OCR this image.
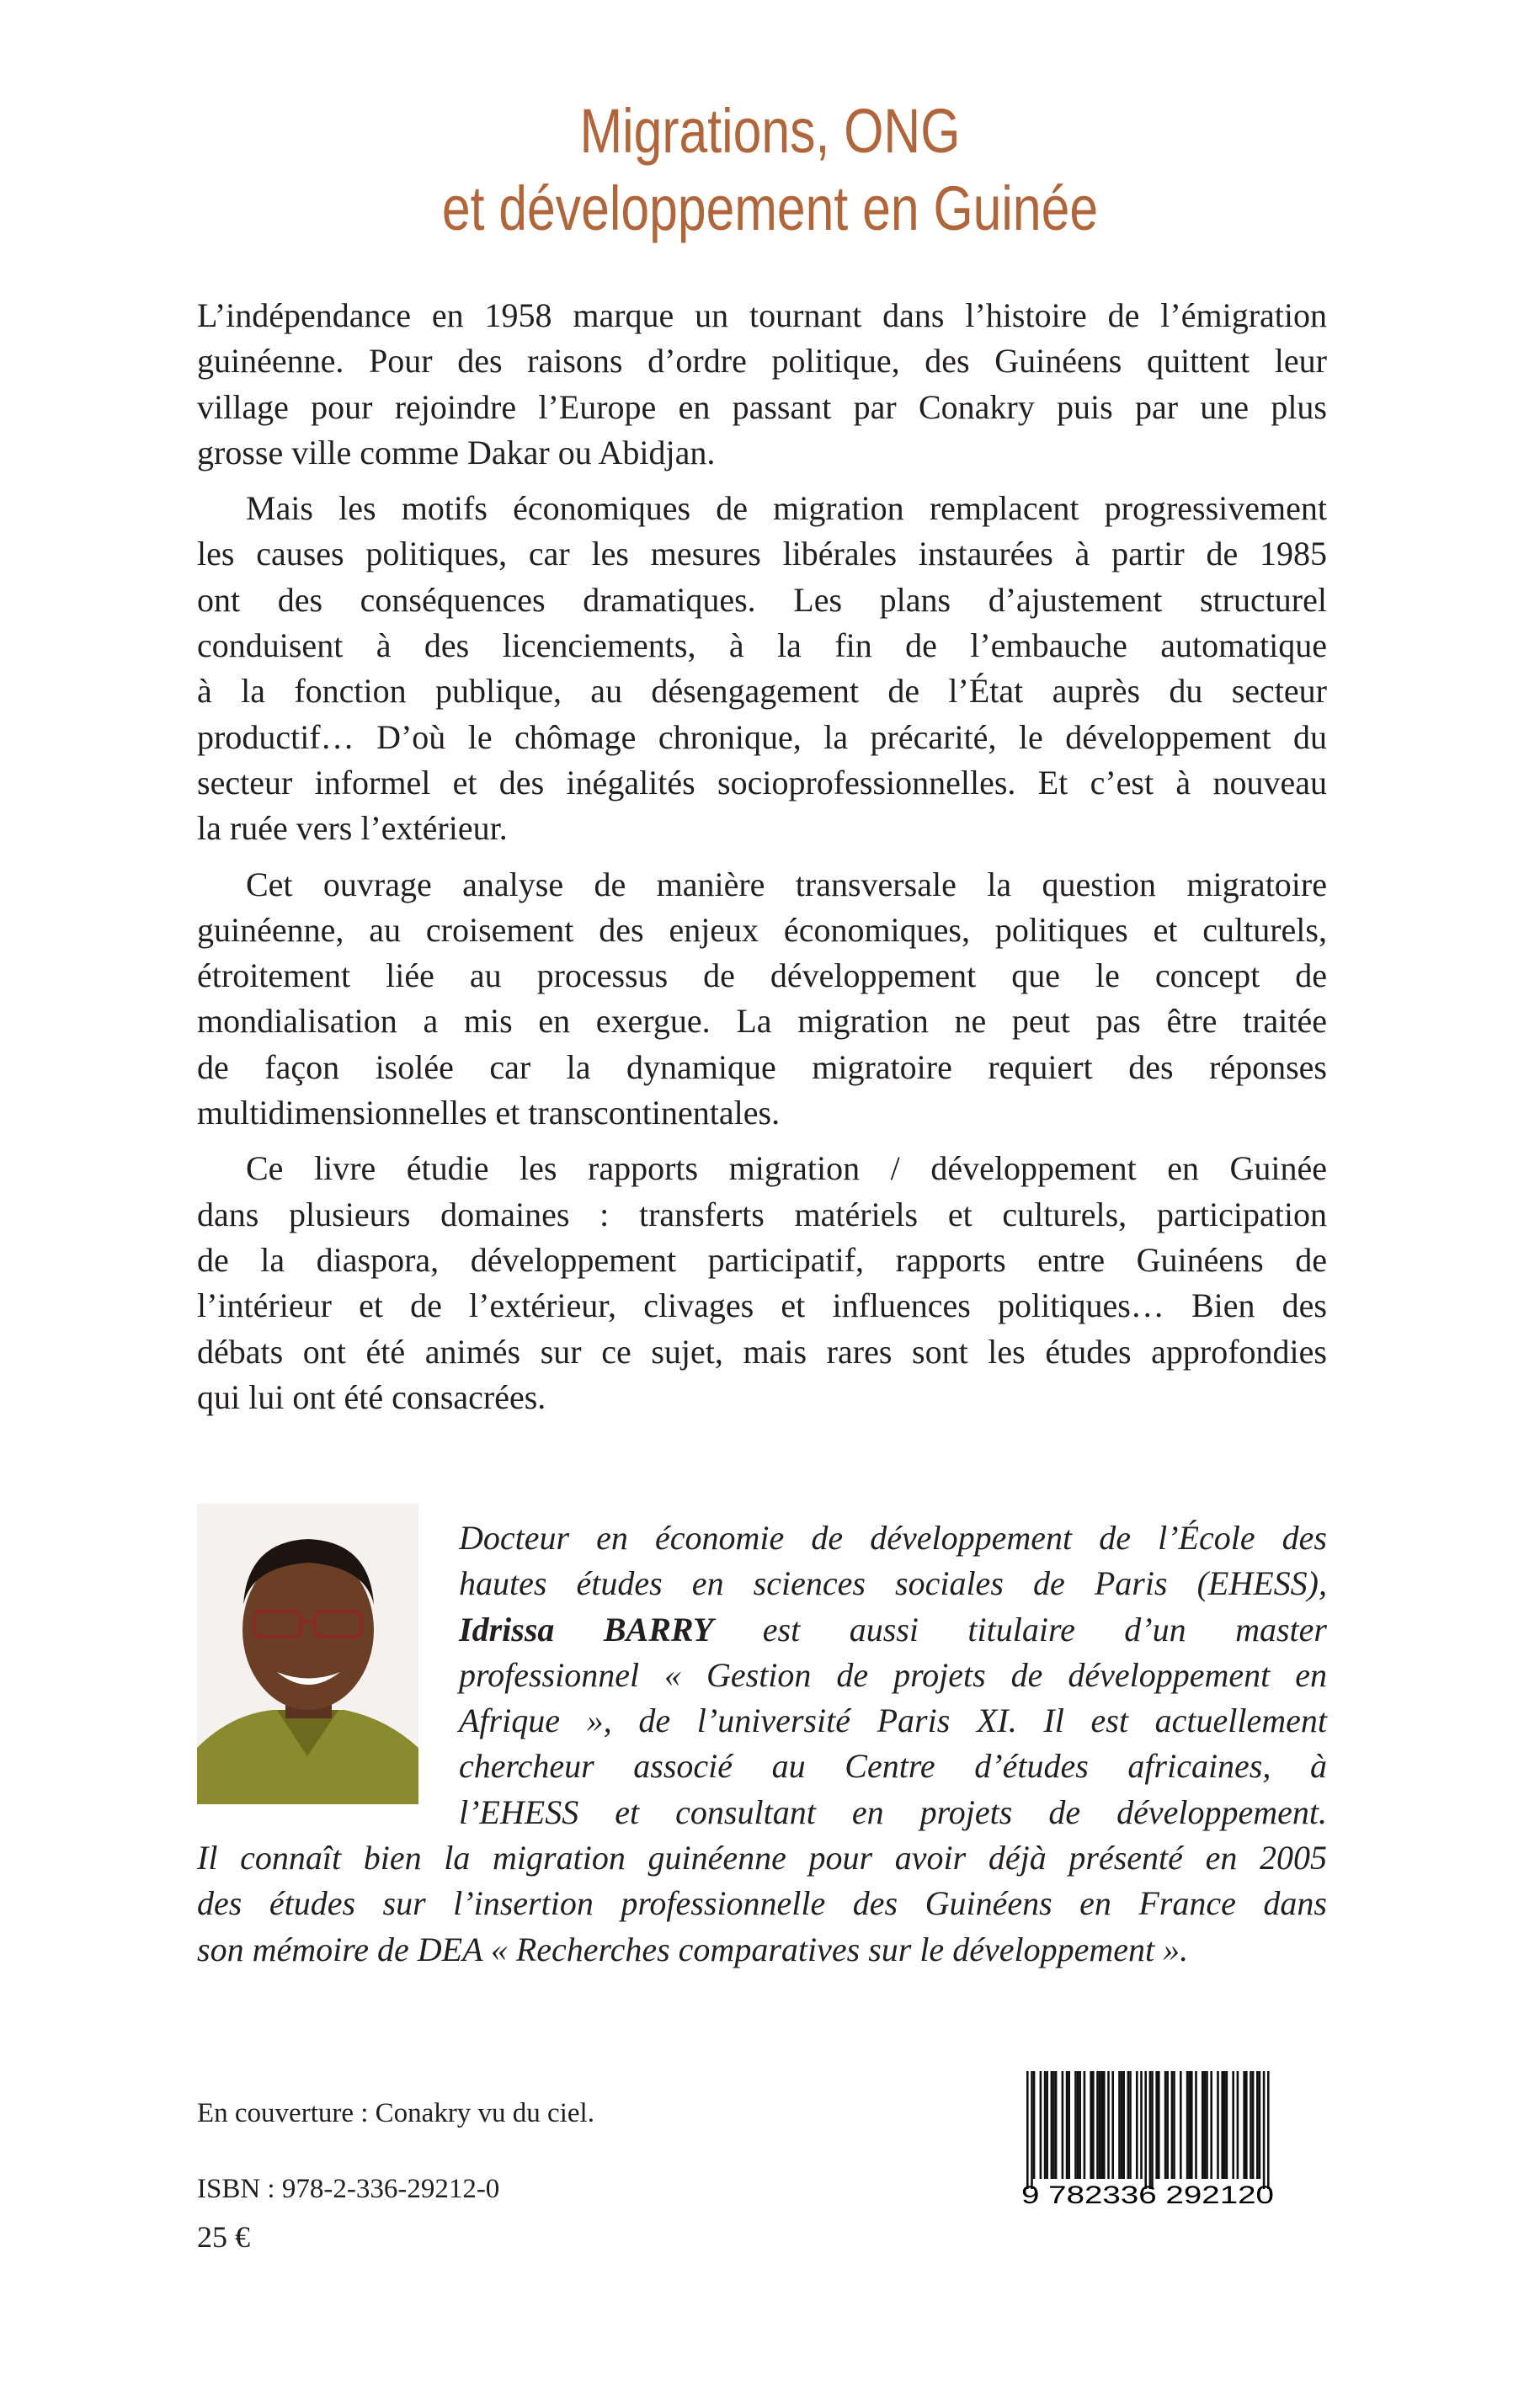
Migrations, ONG
et développement en Guinée
L’indépendance en 1958 marque un tournant dans l’histoire de l’émigration
guinéenne. Pour des raisons d’ordre politique, des Guinéens quittent leur
village pour rejoindre l’Europe en passant par Conakry puis par une plus
grosse ville comme Dakar ou Abidjan.
Mais les motifs économiques de migration remplacent progressivement
les causes politiques, car les mesures libérales instaurées à partir de 1985
ont des conséquences dramatiques. Les plans d’ajustement structurel
conduisent à des licenciements, à la fin de l’embauche automatique
à la fonction publique, au désengagement de l’État auprès du secteur
productif… D’où le chômage chronique, la précarité, le développement du
secteur informel et des inégalités socioprofessionnelles. Et c’est à nouveau
la ruée vers l’extérieur.
Cet ouvrage analyse de manière transversale la question migratoire
guinéenne, au croisement des enjeux économiques, politiques et culturels,
étroitement liée au processus de développement que le concept de
mondialisation a mis en exergue. La migration ne peut pas être traitée
de façon isolée car la dynamique migratoire requiert des réponses
multidimensionnelles et transcontinentales.
Ce livre étudie les rapports migration / développement en Guinée
dans plusieurs domaines : transferts matériels et culturels, participation
de la diaspora, développement participatif, rapports entre Guinéens de
l’intérieur et de l’extérieur, clivages et influences politiques… Bien des
débats ont été animés sur ce sujet, mais rares sont les études approfondies
qui lui ont été consacrées.
Docteur en économie de développement de l’École des
hautes études en sciences sociales de Paris (EHESS),
Idrissa BARRY est aussi titulaire d’un master
professionnel « Gestion de projets de développement en
Afrique », de l’université Paris XI. Il est actuellement
chercheur associé au Centre d’études africaines, à
l’EHESS et consultant en projets de développement.
Il connaît bien la migration guinéenne pour avoir déjà présenté en 2005
des études sur l’insertion professionnelle des Guinéens en France dans
son mémoire de DEA « Recherches comparatives sur le développement ».
En couverture : Conakry vu du ciel.
ISBN : 978-2-336-29212-0
25 €
9 782336 292120
